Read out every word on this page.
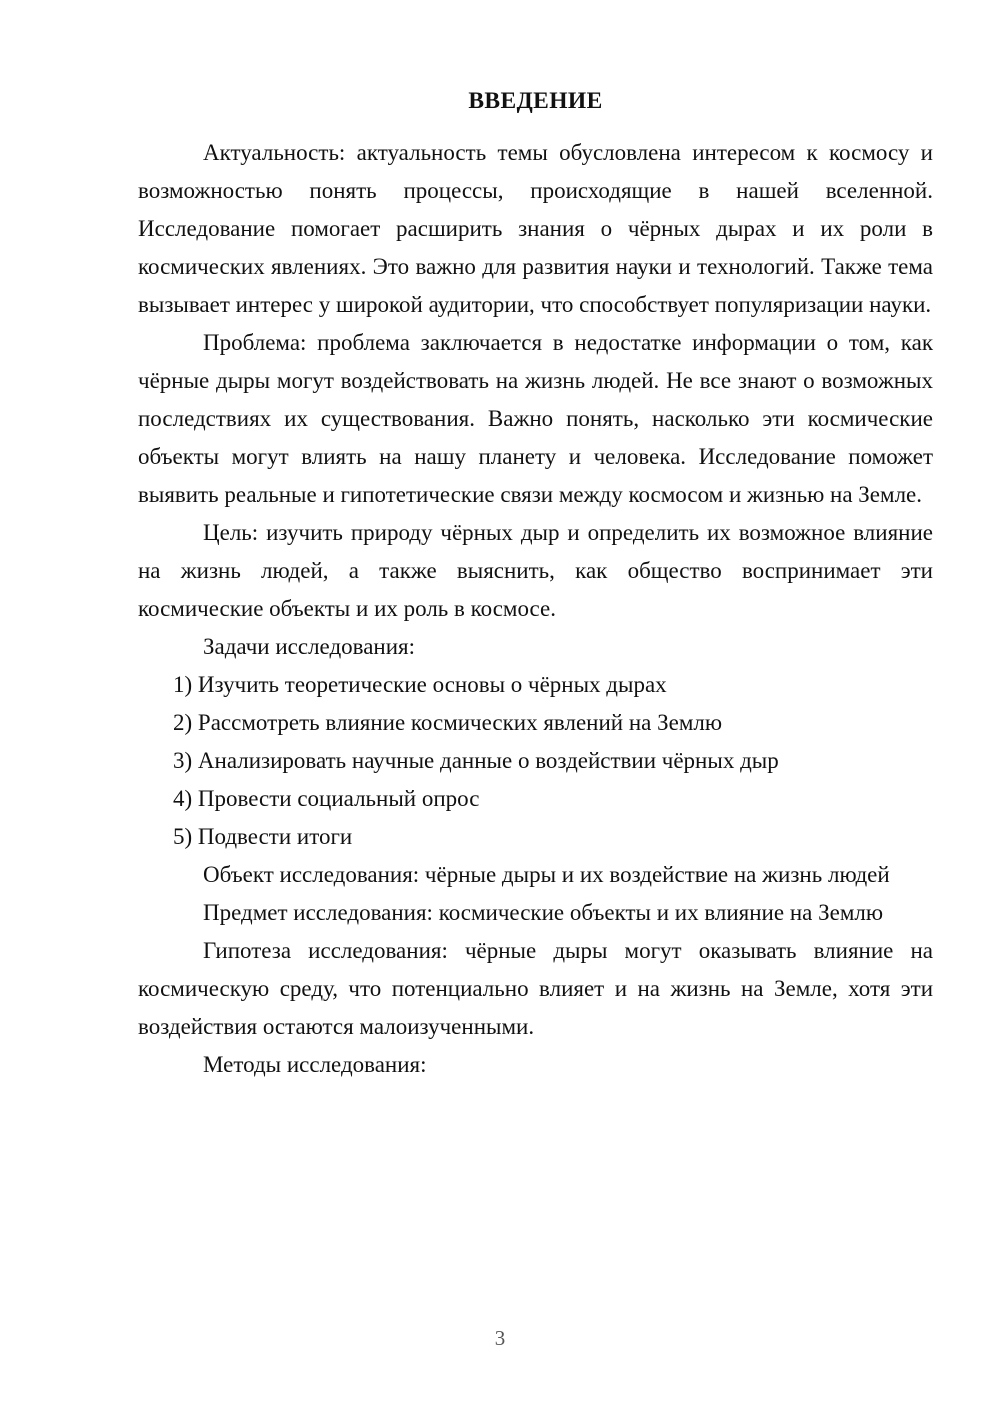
ВВЕДЕНИЕ

Актуальность: актуальность темы обусловлена интересом к космосу и возможностью понять процессы, происходящие в нашей вселенной. Исследование помогает расширить знания о чёрных дырах и их роли в космических явлениях. Это важно для развития науки и технологий. Также тема вызывает интерес у широкой аудитории, что способствует популяризации науки.

Проблема: проблема заключается в недостатке информации о том, как чёрные дыры могут воздействовать на жизнь людей. Не все знают о возможных последствиях их существования. Важно понять, насколько эти космические объекты могут влиять на нашу планету и человека. Исследование поможет выявить реальные и гипотетические связи между космосом и жизнью на Земле.

Цель: изучить природу чёрных дыр и определить их возможное влияние на жизнь людей, а также выяснить, как общество воспринимает эти космические объекты и их роль в космосе.

Задачи исследования:

1) Изучить теоретические основы о чёрных дырах
2) Рассмотреть влияние космических явлений на Землю
3) Анализировать научные данные о воздействии чёрных дыр
4) Провести социальный опрос
5) Подвести итоги

Объект исследования: чёрные дыры и их воздействие на жизнь людей

Предмет исследования: космические объекты и их влияние на Землю

Гипотеза исследования: чёрные дыры могут оказывать влияние на космическую среду, что потенциально влияет и на жизнь на Земле, хотя эти воздействия остаются малоизученными.

Методы исследования:

3
